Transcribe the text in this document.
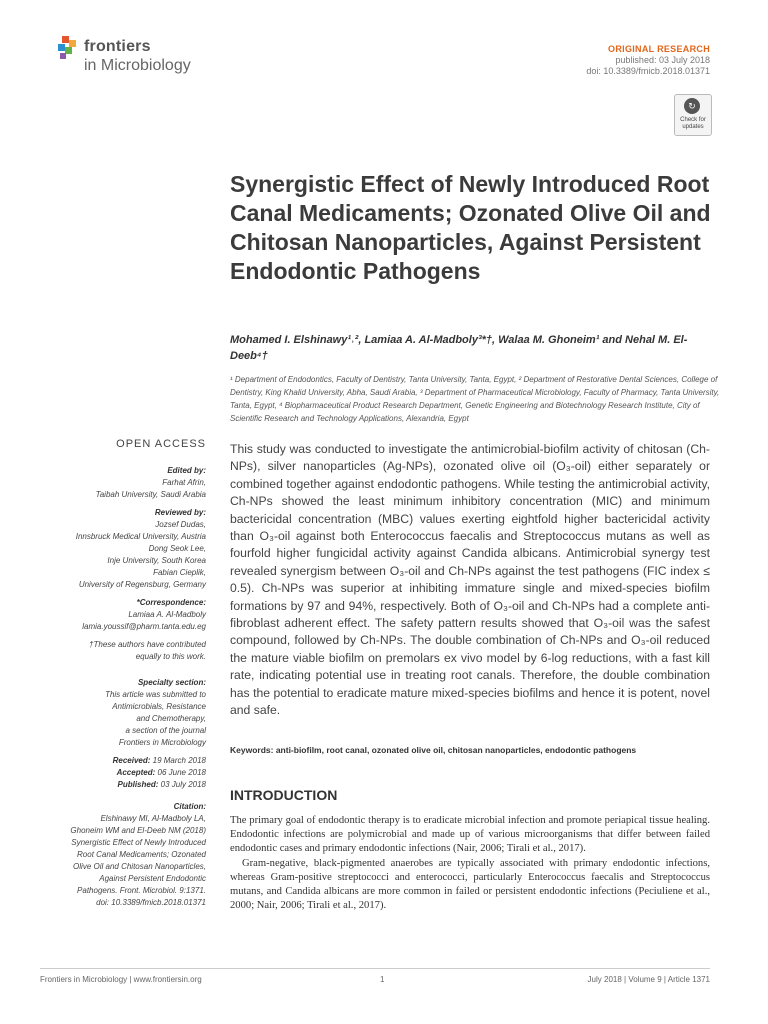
frontiers
in Microbiology
ORIGINAL RESEARCH
published: 03 July 2018
doi: 10.3389/fmicb.2018.01371
↻
Check for updates
Synergistic Effect of Newly Introduced Root Canal Medicaments; Ozonated Olive Oil and Chitosan Nanoparticles, Against Persistent Endodontic Pathogens
Mohamed I. Elshinawy¹˒², Lamiaa A. Al-Madboly³*†, Walaa M. Ghoneim¹ and Nehal M. El-Deeb⁴†
¹ Department of Endodontics, Faculty of Dentistry, Tanta University, Tanta, Egypt, ² Department of Restorative Dental Sciences, College of Dentistry, King Khalid University, Abha, Saudi Arabia, ³ Department of Pharmaceutical Microbiology, Faculty of Pharmacy, Tanta University, Tanta, Egypt, ⁴ Biopharmaceutical Product Research Department, Genetic Engineering and Biotechnology Research Institute, City of Scientific Research and Technology Applications, Alexandria, Egypt
OPEN ACCESS
Edited by:
Farhat Afrin,
Taibah University, Saudi Arabia
Reviewed by:
Jozsef Dudas,
Innsbruck Medical University, Austria
Dong Seok Lee,
Inje University, South Korea
Fabian Cieplik,
University of Regensburg, Germany
*Correspondence:
Lamiaa A. Al-Madboly
lamia.youssif@pharm.tanta.edu.eg
†These authors have contributed
equally to this work.
Specialty section:
This article was submitted to
Antimicrobials, Resistance
and Chemotherapy,
a section of the journal
Frontiers in Microbiology
Received: 19 March 2018
Accepted: 06 June 2018
Published: 03 July 2018
Citation:
Elshinawy MI, Al-Madboly LA,
Ghoneim WM and El-Deeb NM (2018)
Synergistic Effect of Newly Introduced
Root Canal Medicaments; Ozonated
Olive Oil and Chitosan Nanoparticles,
Against Persistent Endodontic
Pathogens. Front. Microbiol. 9:1371.
doi: 10.3389/fmicb.2018.01371
This study was conducted to investigate the antimicrobial-biofilm activity of chitosan (Ch-NPs), silver nanoparticles (Ag-NPs), ozonated olive oil (O₃-oil) either separately or combined together against endodontic pathogens. While testing the antimicrobial activity, Ch-NPs showed the least minimum inhibitory concentration (MIC) and minimum bactericidal concentration (MBC) values exerting eightfold higher bactericidal activity than O₃-oil against both Enterococcus faecalis and Streptococcus mutans as well as fourfold higher fungicidal activity against Candida albicans. Antimicrobial synergy test revealed synergism between O₃-oil and Ch-NPs against the test pathogens (FIC index ≤ 0.5). Ch-NPs was superior at inhibiting immature single and mixed-species biofilm formations by 97 and 94%, respectively. Both of O₃-oil and Ch-NPs had a complete anti-fibroblast adherent effect. The safety pattern results showed that O₃-oil was the safest compound, followed by Ch-NPs. The double combination of Ch-NPs and O₃-oil reduced the mature viable biofilm on premolars ex vivo model by 6-log reductions, with a fast kill rate, indicating potential use in treating root canals. Therefore, the double combination has the potential to eradicate mature mixed-species biofilms and hence it is potent, novel and safe.
Keywords: anti-biofilm, root canal, ozonated olive oil, chitosan nanoparticles, endodontic pathogens
INTRODUCTION

The primary goal of endodontic therapy is to eradicate microbial infection and promote periapical tissue healing. Endodontic infections are polymicrobial and made up of various microorganisms that differ between failed endodontic cases and primary endodontic infections (Nair, 2006; Tirali et al., 2017).

Gram-negative, black-pigmented anaerobes are typically associated with primary endodontic infections, whereas Gram-positive streptococci and enterococci, particularly Enterococcus faecalis and Streptococcus mutans, and Candida albicans are more common in failed or persistent endodontic infections (Peciuliene et al., 2000; Nair, 2006; Tirali et al., 2017).

Frontiers in Microbiology | www.frontiersin.org	1	July 2018 | Volume 9 | Article 1371
